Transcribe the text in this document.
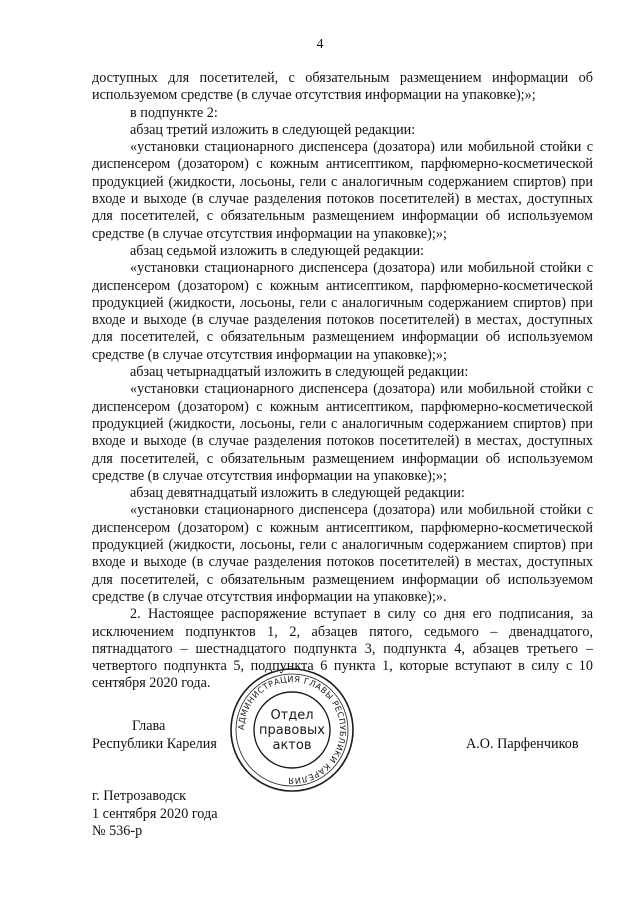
4

доступных для посетителей, с обязательным размещением информации об используемом средстве (в случае отсутствия информации на упаковке);»;

в подпункте 2:

абзац третий изложить в следующей редакции:

«установки стационарного диспенсера (дозатора) или мобильной стойки с диспенсером (дозатором) с кожным антисептиком, парфюмерно-косметической продукцией (жидкости, лосьоны, гели с аналогичным содержанием спиртов) при входе и выходе (в случае разделения потоков посетителей) в местах, доступных для посетителей, с обязательным размещением информации об используемом средстве (в случае отсутствия информации на упаковке);»;

абзац седьмой изложить в следующей редакции:

«установки стационарного диспенсера (дозатора) или мобильной стойки с диспенсером (дозатором) с кожным антисептиком, парфюмерно-косметической продукцией (жидкости, лосьоны, гели с аналогичным содержанием спиртов) при входе и выходе (в случае разделения потоков посетителей) в местах, доступных для посетителей, с обязательным размещением информации об используемом средстве (в случае отсутствия информации на упаковке);»;

абзац четырнадцатый изложить в следующей редакции:

«установки стационарного диспенсера (дозатора) или мобильной стойки с диспенсером (дозатором) с кожным антисептиком, парфюмерно-косметической продукцией (жидкости, лосьоны, гели с аналогичным содержанием спиртов) при входе и выходе (в случае разделения потоков посетителей) в местах, доступных для посетителей, с обязательным размещением информации об используемом средстве (в случае отсутствия информации на упаковке);»;

абзац девятнадцатый изложить в следующей редакции:

«установки стационарного диспенсера (дозатора) или мобильной стойки с диспенсером (дозатором) с кожным антисептиком, парфюмерно-косметической продукцией (жидкости, лосьоны, гели с аналогичным содержанием спиртов) при входе и выходе (в случае разделения потоков посетителей) в местах, доступных для посетителей, с обязательным размещением информации об используемом средстве (в случае отсутствия информации на упаковке);».

2. Настоящее распоряжение вступает в силу со дня его подписания, за исключением подпунктов 1, 2, абзацев пятого, седьмого – двенадцатого, пятнадцатого – шестнадцатого подпункта 3, подпункта 4, абзацев третьего – четвертого подпункта 5, подпункта 6 пункта 1, которые вступают в силу с 10 сентября 2020 года.

Глава
Республики Карелия
АДМИНИСТРАЦИЯ ГЛАВЫ РЕСПУБЛИКИ КАРЕЛИЯ
Отдел
правовых
актов	А.О. Парфенчиков
г. Петрозаводск
1 сентября 2020 года
№ 536-р
